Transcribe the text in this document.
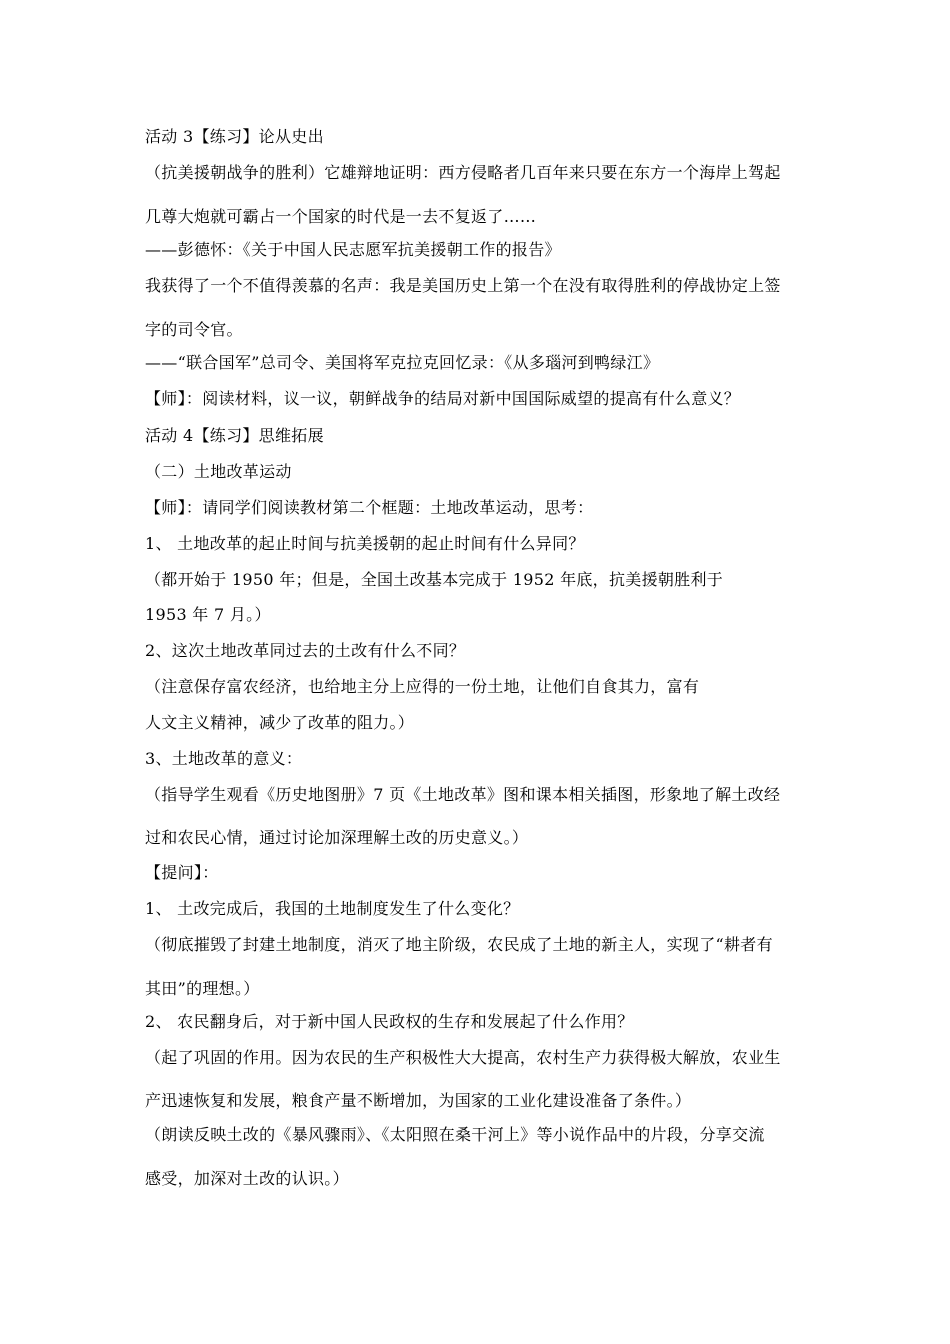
活动 3【练习】论从史出
（抗美援朝战争的胜利）它雄辩地证明：西方侵略者几百年来只要在东方一个海岸上驾起
几尊大炮就可霸占一个国家的时代是一去不复返了……
——彭德怀：《关于中国人民志愿军抗美援朝工作的报告》
我获得了一个不值得羡慕的名声：我是美国历史上第一个在没有取得胜利的停战协定上签
字的司令官。
——“联合国军”总司令、美国将军克拉克回忆录：《从多瑙河到鸭绿江》
【师】：阅读材料，议一议，朝鲜战争的结局对新中国国际威望的提高有什么意义？
活动 4【练习】思维拓展
（二）土地改革运动
【师】：请同学们阅读教材第二个框题：土地改革运动，思考：
1、 土地改革的起止时间与抗美援朝的起止时间有什么异同？
（都开始于 1950 年；但是，全国土改基本完成于 1952 年底，抗美援朝胜利于
1953 年 7 月。）
2、这次土地改革同过去的土改有什么不同？
（注意保存富农经济，也给地主分上应得的一份土地，让他们自食其力，富有
人文主义精神，减少了改革的阻力。）
3、土地改革的意义：
（指导学生观看《历史地图册》7 页《土地改革》图和课本相关插图，形象地了解土改经
过和农民心情，通过讨论加深理解土改的历史意义。）
【提问】：
1、 土改完成后，我国的土地制度发生了什么变化？
（彻底摧毁了封建土地制度，消灭了地主阶级，农民成了土地的新主人，实现了“耕者有
其田”的理想。）
2、 农民翻身后，对于新中国人民政权的生存和发展起了什么作用？
（起了巩固的作用。因为农民的生产积极性大大提高，农村生产力获得极大解放，农业生
产迅速恢复和发展，粮食产量不断增加，为国家的工业化建设准备了条件。）
（朗读反映土改的《暴风骤雨》、《太阳照在桑干河上》等小说作品中的片段，分享交流
感受，加深对土改的认识。）
